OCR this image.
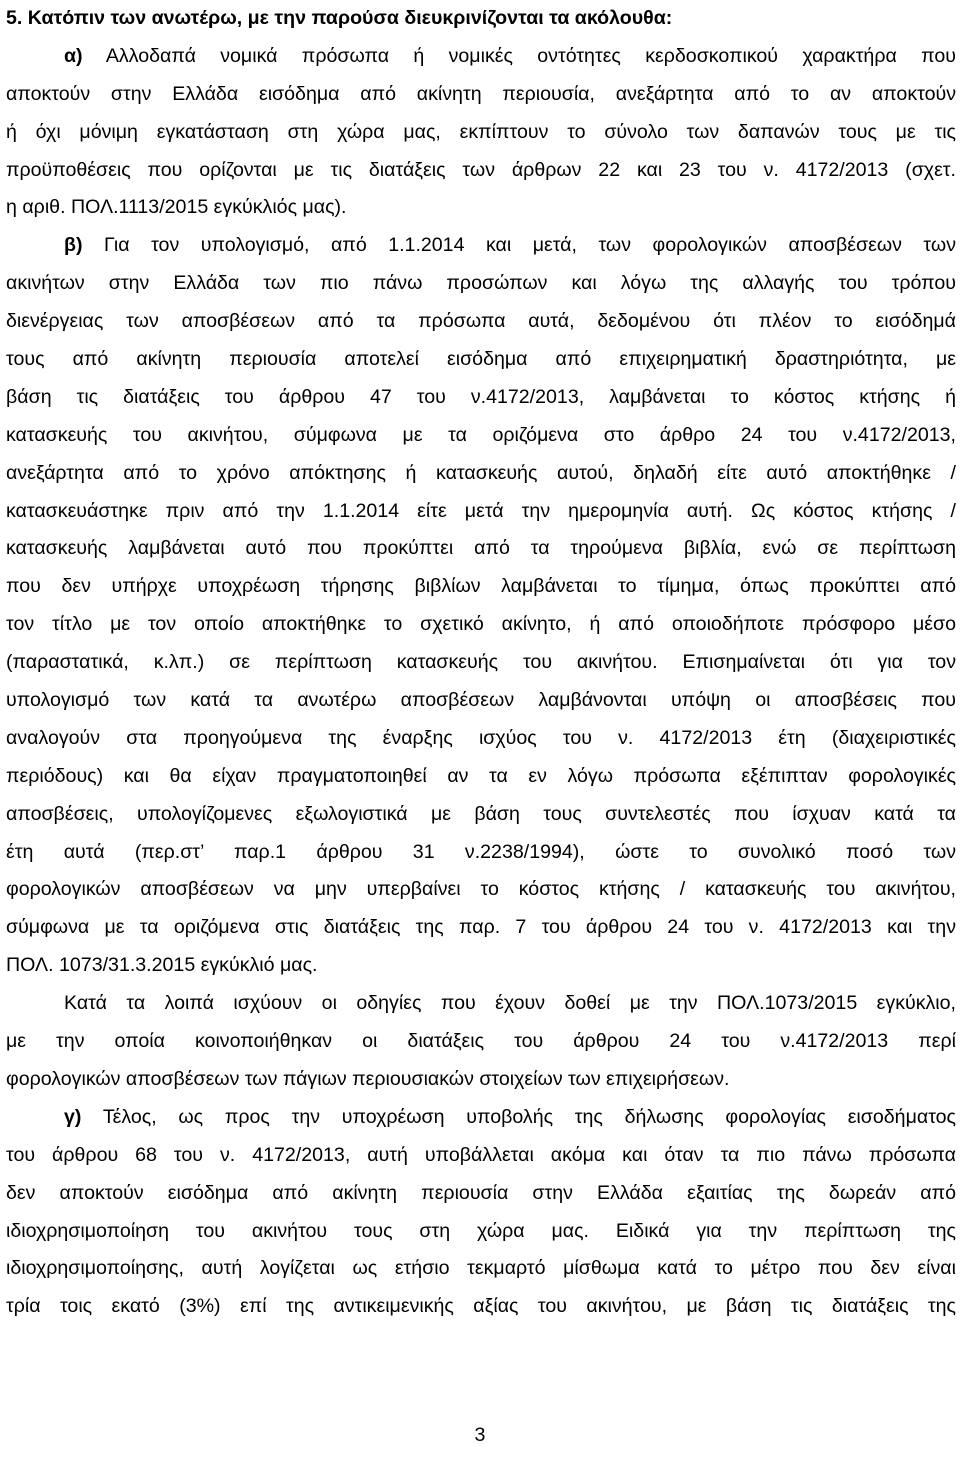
5. Κατόπιν των ανωτέρω, με την παρούσα διευκρινίζονται τα ακόλουθα:
α) Αλλοδαπά νομικά πρόσωπα ή νομικές οντότητες κερδοσκοπικού χαρακτήρα που
αποκτούν στην Ελλάδα εισόδημα από ακίνητη περιουσία, ανεξάρτητα από το αν αποκτούν
ή όχι μόνιμη εγκατάσταση στη χώρα μας, εκπίπτουν το σύνολο των δαπανών τους με τις
προϋποθέσεις που ορίζονται με τις διατάξεις των άρθρων 22 και 23 του ν. 4172/2013 (σχετ.
η αριθ. ΠΟΛ.1113/2015 εγκύκλιός μας).
β) Για τον υπολογισμό, από 1.1.2014 και μετά, των φορολογικών αποσβέσεων των
ακινήτων στην Ελλάδα των πιο πάνω προσώπων και λόγω της αλλαγής του τρόπου
διενέργειας των αποσβέσεων από τα πρόσωπα αυτά, δεδομένου ότι πλέον το εισόδημά
τους από ακίνητη περιουσία αποτελεί εισόδημα από επιχειρηματική δραστηριότητα, με
βάση τις διατάξεις του άρθρου 47 του ν.4172/2013, λαμβάνεται το κόστος κτήσης ή
κατασκευής του ακινήτου, σύμφωνα με τα οριζόμενα στο άρθρο 24 του ν.4172/2013,
ανεξάρτητα από το χρόνο απόκτησης ή κατασκευής αυτού, δηλαδή είτε αυτό αποκτήθηκε /
κατασκευάστηκε πριν από την 1.1.2014 είτε μετά την ημερομηνία αυτή. Ως κόστος κτήσης /
κατασκευής λαμβάνεται αυτό που προκύπτει από τα τηρούμενα βιβλία, ενώ σε περίπτωση
που δεν υπήρχε υποχρέωση τήρησης βιβλίων λαμβάνεται το τίμημα, όπως προκύπτει από
τον τίτλο με τον οποίο αποκτήθηκε το σχετικό ακίνητο, ή από οποιοδήποτε πρόσφορο μέσο
(παραστατικά, κ.λπ.) σε περίπτωση κατασκευής του ακινήτου. Επισημαίνεται ότι για τον
υπολογισμό των κατά τα ανωτέρω αποσβέσεων λαμβάνονται υπόψη οι αποσβέσεις που
αναλογούν στα προηγούμενα της έναρξης ισχύος του ν. 4172/2013 έτη (διαχειριστικές
περιόδους) και θα είχαν πραγματοποιηθεί αν τα εν λόγω πρόσωπα εξέπιπταν φορολογικές
αποσβέσεις, υπολογίζομενες εξωλογιστικά με βάση τους συντελεστές που ίσχυαν κατά τα
έτη αυτά (περ.στ’ παρ.1 άρθρου 31 ν.2238/1994), ώστε το συνολικό ποσό των
φορολογικών αποσβέσεων να μην υπερβαίνει το κόστος κτήσης / κατασκευής του ακινήτου,
σύμφωνα με τα οριζόμενα στις διατάξεις της παρ. 7 του άρθρου 24 του ν. 4172/2013 και την
ΠΟΛ. 1073/31.3.2015 εγκύκλιό μας.
Κατά τα λοιπά ισχύουν οι οδηγίες που έχουν δοθεί με την ΠΟΛ.1073/2015 εγκύκλιο,
με την οποία κοινοποιήθηκαν οι διατάξεις του άρθρου 24 του ν.4172/2013 περί
φορολογικών αποσβέσεων των πάγιων περιουσιακών στοιχείων των επιχειρήσεων.
γ) Τέλος, ως προς την υποχρέωση υποβολής της δήλωσης φορολογίας εισοδήματος
του άρθρου 68 του ν. 4172/2013, αυτή υποβάλλεται ακόμα και όταν τα πιο πάνω πρόσωπα
δεν αποκτούν εισόδημα από ακίνητη περιουσία στην Ελλάδα εξαιτίας της δωρεάν από
ιδιοχρησιμοποίηση του ακινήτου τους στη χώρα μας. Ειδικά για την περίπτωση της
ιδιοχρησιμοποίησης, αυτή λογίζεται ως ετήσιο τεκμαρτό μίσθωμα κατά το μέτρο που δεν είναι
τρία τοις εκατό (3%) επί της αντικειμενικής αξίας του ακινήτου, με βάση τις διατάξεις της
3
